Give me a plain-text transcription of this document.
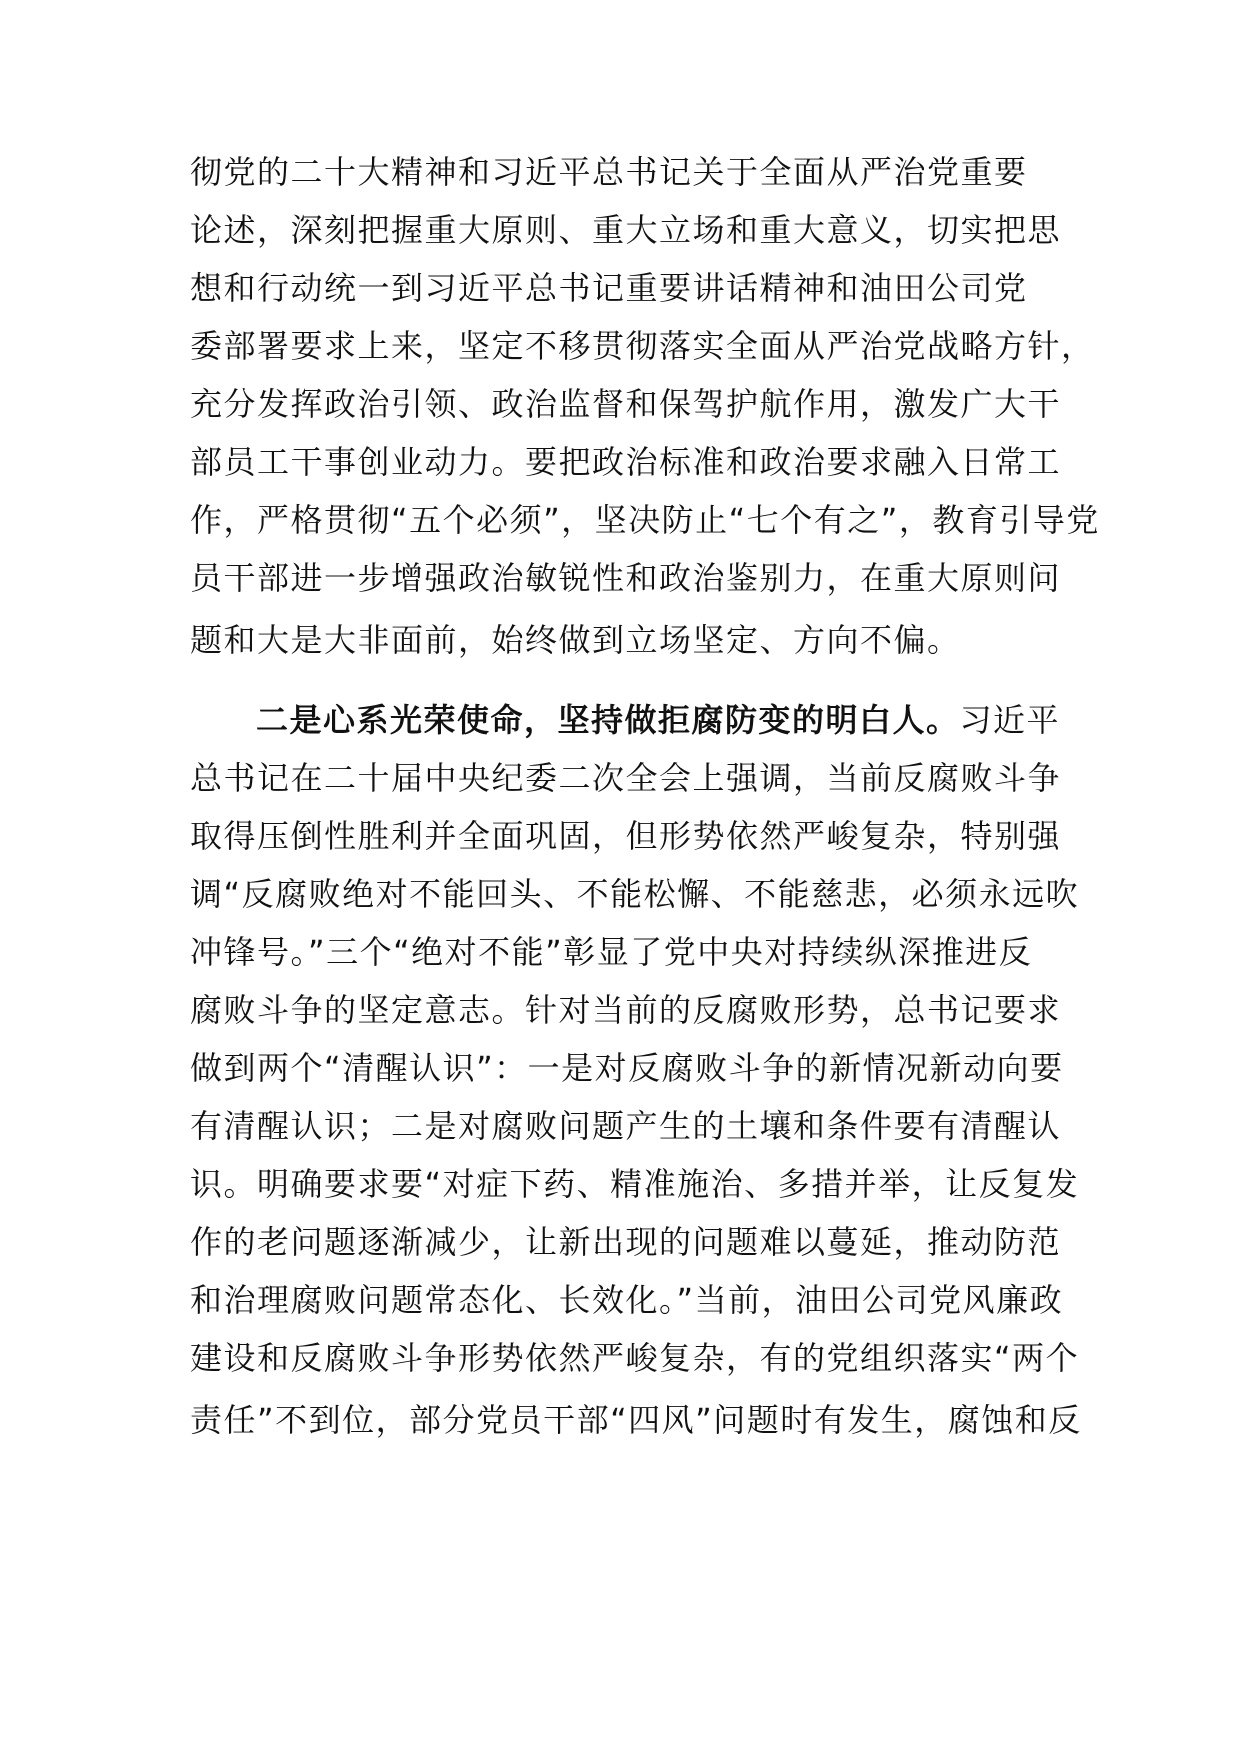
彻党的二十大精神和习近平总书记关于全面从严治党重要
论述，深刻把握重大原则、重大立场和重大意义，切实把思
想和行动统一到习近平总书记重要讲话精神和油田公司党
委部署要求上来，坚定不移贯彻落实全面从严治党战略方针，
充分发挥政治引领、政治监督和保驾护航作用，激发广大干
部员工干事创业动力。要把政治标准和政治要求融入日常工
作，严格贯彻“五个必须”，坚决防止“七个有之”，教育引导党
员干部进一步增强政治敏锐性和政治鉴别力，在重大原则问
题和大是大非面前，始终做到立场坚定、方向不偏。
二是心系光荣使命，坚持做拒腐防变的明白人。习近平
总书记在二十届中央纪委二次全会上强调，当前反腐败斗争
取得压倒性胜利并全面巩固，但形势依然严峻复杂，特别强
调“反腐败绝对不能回头、不能松懈、不能慈悲，必须永远吹
冲锋号。”三个“绝对不能”彰显了党中央对持续纵深推进反
腐败斗争的坚定意志。针对当前的反腐败形势，总书记要求
做到两个“清醒认识”：一是对反腐败斗争的新情况新动向要
有清醒认识；二是对腐败问题产生的土壤和条件要有清醒认
识。明确要求要“对症下药、精准施治、多措并举，让反复发
作的老问题逐渐减少，让新出现的问题难以蔓延，推动防范
和治理腐败问题常态化、长效化。”当前，油田公司党风廉政
建设和反腐败斗争形势依然严峻复杂，有的党组织落实“两个
责任”不到位，部分党员干部“四风”问题时有发生，腐蚀和反
